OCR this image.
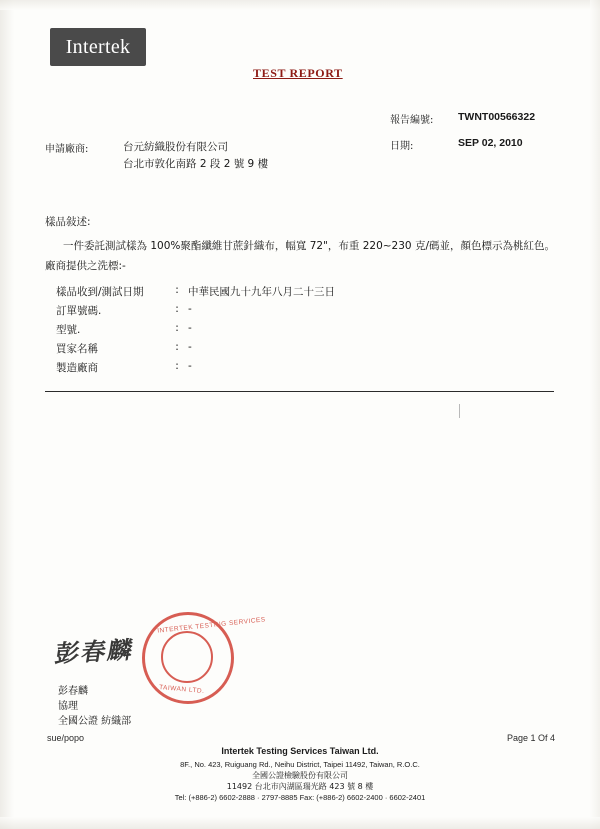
Intertek
TEST REPORT
報告編號:	TWNT00566322
日期:	SEP 02, 2010
申請廠商:	台元紡織股份有限公司
台北市敦化南路 2 段 2 號 9 樓
樣品敍述:
一件委託測試樣為 100%聚酯纖維甘蔗針織布，幅寬 72"，布重 220~230 克/碼並，顏色標示為桃紅色。
廠商提供之洗標:-
樣品收到/測試日期	:	中華民國九十九年八月二十三日
訂單號碼.	:	-
型號.	:	-
買家名稱	:	-
製造廠商	:	-
彭春麟
INTERTEK TESTING SERVICES
TAIWAN LTD.
彭春麟
協理
全國公證 紡織部
sue/popo	Page 1 Of 4
Intertek Testing Services Taiwan Ltd.
8F., No. 423, Ruiguang Rd., Neihu District, Taipei 11492, Taiwan, R.O.C.
全國公證檢驗股份有限公司
11492 台北市內湖區瑞光路 423 號 8 樓
Tel: (+886-2) 6602-2888 · 2797-8885 Fax: (+886-2) 6602-2400 · 6602-2401
